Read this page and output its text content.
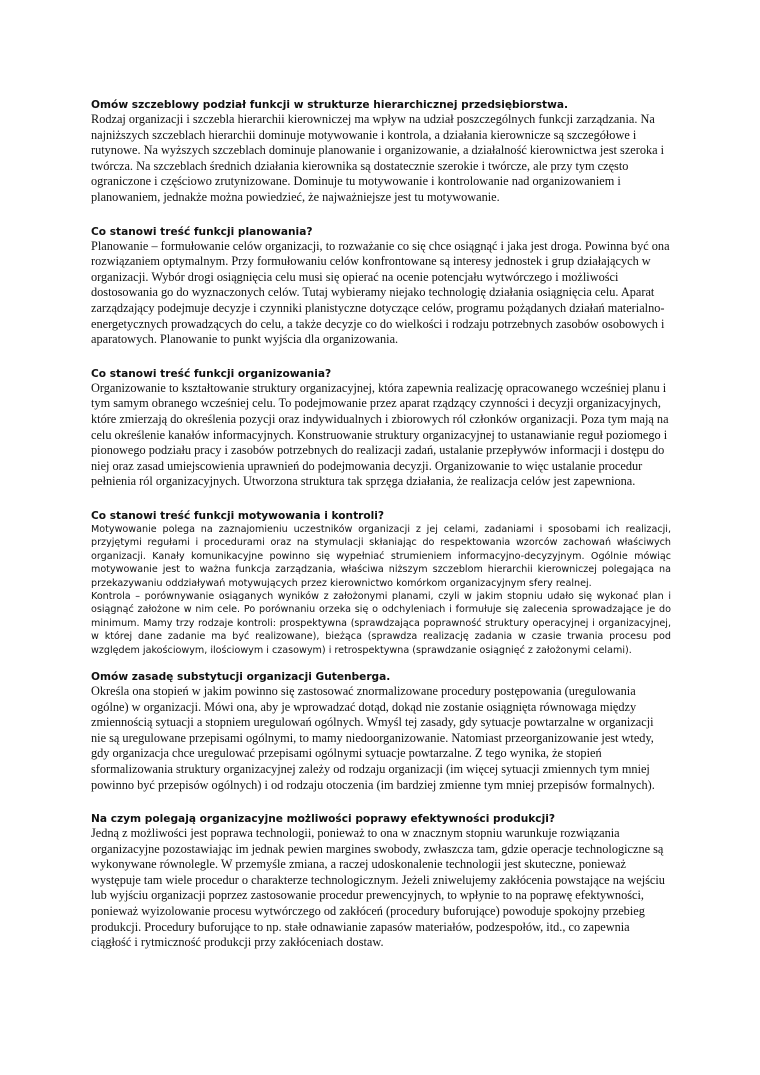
Omów szczeblowy podział funkcji w strukturze hierarchicznej przedsiębiorstwa.

Rodzaj organizacji i szczebla hierarchii kierowniczej ma wpływ na udział poszczególnych funkcji zarządzania. Na najniższych szczeblach hierarchii dominuje motywowanie i kontrola, a działania kierownicze są szczegółowe i rutynowe. Na wyższych szczeblach dominuje planowanie i organizowanie, a działalność kierownictwa jest szeroka i twórcza. Na szczeblach średnich działania kierownika są dostatecznie szerokie i twórcze, ale przy tym często ograniczone i częściowo zrutynizowane. Dominuje tu motywowanie i kontrolowanie nad organizowaniem i planowaniem, jednakże można powiedzieć, że najważniejsze jest tu motywowanie.

Co stanowi treść funkcji planowania?

Planowanie – formułowanie celów organizacji, to rozważanie co się chce osiągnąć i jaka jest droga. Powinna być ona rozwiązaniem optymalnym. Przy formułowaniu celów konfrontowane są interesy jednostek i grup działających w organizacji. Wybór drogi osiągnięcia celu musi się opierać na ocenie potencjału wytwórczego i możliwości dostosowania go do wyznaczonych celów. Tutaj wybieramy niejako technologię działania osiągnięcia celu. Aparat zarządzający podejmuje decyzje i czynniki planistyczne dotyczące celów, programu pożądanych działań materialno-energetycznych prowadzących do celu, a także decyzje co do wielkości i rodzaju potrzebnych zasobów osobowych i aparatowych. Planowanie to punkt wyjścia dla organizowania.

Co stanowi treść funkcji organizowania?

Organizowanie to kształtowanie struktury organizacyjnej, która zapewnia realizację opracowanego wcześniej planu i tym samym obranego wcześniej celu. To podejmowanie przez aparat rządzący czynności i decyzji organizacyjnych, które zmierzają do określenia pozycji oraz indywidualnych i zbiorowych ról członków organizacji. Poza tym mają na celu określenie kanałów informacyjnych. Konstruowanie struktury organizacyjnej to ustanawianie reguł poziomego i pionowego podziału pracy i zasobów potrzebnych do realizacji zadań, ustalanie przepływów informacji i dostępu do niej oraz zasad umiejscowienia uprawnień do podejmowania decyzji. Organizowanie to więc ustalanie procedur pełnienia ról organizacyjnych. Utworzona struktura tak sprzęga działania, że realizacja celów jest zapewniona.

Co stanowi treść funkcji motywowania i kontroli?

Motywowanie polega na zaznajomieniu uczestników organizacji z jej celami, zadaniami i sposobami ich realizacji, przyjętymi regułami i procedurami oraz na stymulacji skłaniając do respektowania wzorców zachowań właściwych organizacji. Kanały komunikacyjne powinno się wypełniać strumieniem informacyjno-decyzyjnym. Ogólnie mówiąc motywowanie jest to ważna funkcja zarządzania, właściwa niższym szczeblom hierarchii kierowniczej polegająca na przekazywaniu oddziaływań motywujących przez kierownictwo komórkom organizacyjnym sfery realnej.

Kontrola – porównywanie osiąganych wyników z założonymi planami, czyli w jakim stopniu udało się wykonać plan i osiągnąć założone w nim cele. Po porównaniu orzeka się o odchyleniach i formułuje się zalecenia sprowadzające je do minimum. Mamy trzy rodzaje kontroli: prospektywna (sprawdzająca poprawność struktury operacyjnej i organizacyjnej, w której dane zadanie ma być realizowane), bieżąca (sprawdza realizację zadania w czasie trwania procesu pod względem jakościowym, ilościowym i czasowym) i retrospektywna (sprawdzanie osiągnięć z założonymi celami).

Omów zasadę substytucji organizacji Gutenberga.

Określa ona stopień w jakim powinno się zastosować znormalizowane procedury postępowania (uregulowania ogólne) w organizacji. Mówi ona, aby je wprowadzać dotąd, dokąd nie zostanie osiągnięta równowaga między zmiennością sytuacji a stopniem uregulowań ogólnych. Wmyśl tej zasady, gdy sytuacje powtarzalne w organizacji nie są uregulowane przepisami ogólnymi, to mamy niedoorganizowanie. Natomiast przeorganizowanie jest wtedy, gdy organizacja chce uregulować przepisami ogólnymi sytuacje powtarzalne. Z tego wynika, że stopień sformalizowania struktury organizacyjnej zależy od rodzaju organizacji (im więcej sytuacji zmiennych tym mniej powinno być przepisów ogólnych) i od rodzaju otoczenia (im bardziej zmienne tym mniej przepisów formalnych).

Na czym polegają organizacyjne możliwości poprawy efektywności produkcji?

Jedną z możliwości jest poprawa technologii, ponieważ to ona w znacznym stopniu warunkuje rozwiązania organizacyjne pozostawiając im jednak pewien margines swobody, zwłaszcza tam, gdzie operacje technologiczne są wykonywane równolegle. W przemyśle zmiana, a raczej udoskonalenie technologii jest skuteczne, ponieważ występuje tam wiele procedur o charakterze technologicznym. Jeżeli zniwelujemy zakłócenia powstające na wejściu lub wyjściu organizacji poprzez zastosowanie procedur prewencyjnych, to wpłynie to na poprawę efektywności, ponieważ wyizolowanie procesu wytwórczego od zakłóceń (procedury buforujące) powoduje spokojny przebieg produkcji. Procedury buforujące to np. stałe odnawianie zapasów materiałów, podzespołów, itd., co zapewnia ciągłość i rytmiczność produkcji przy zakłóceniach dostaw.
